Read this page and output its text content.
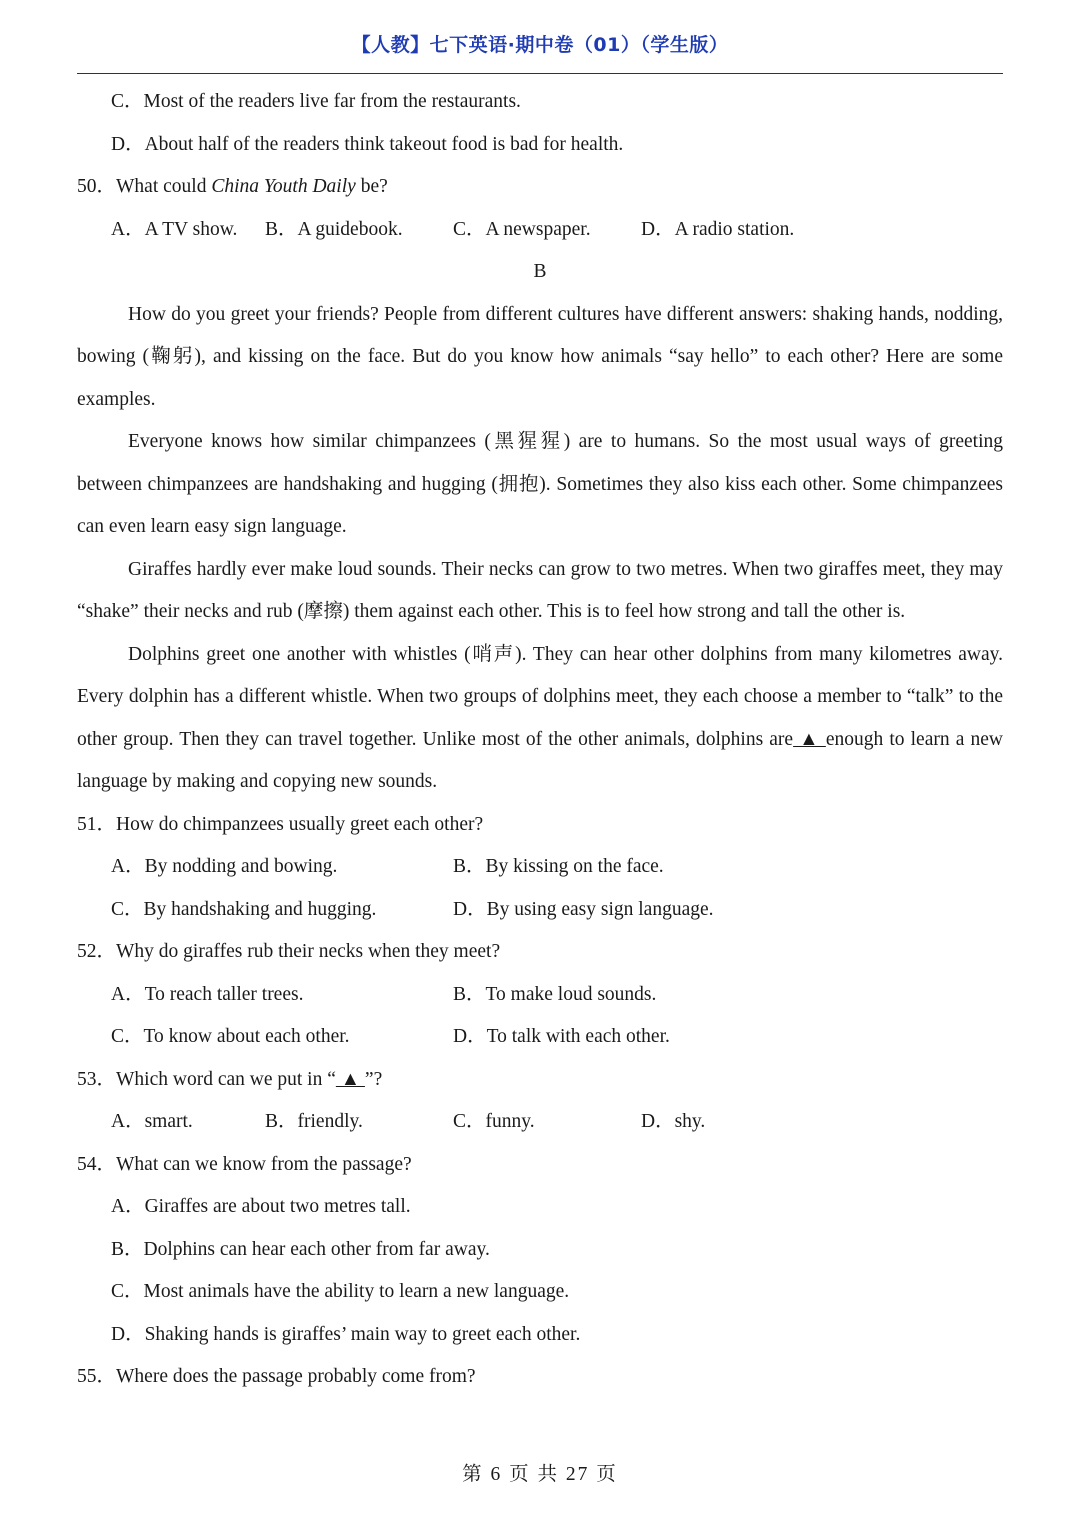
【人教】七下英语·期中卷（01）（学生版）
C．Most of the readers live far from the restaurants.
D．About half of the readers think takeout food is bad for health.
50．What could China Youth Daily be?
A．A TV show. B．A guidebook.	C．A newspaper.	D．A radio station.
B
How do you greet your friends? People from different cultures have different answers: shaking hands, nodding, bowing (鞠躬), and kissing on the face. But do you know how animals “say hello” to each other? Here are some examples.
Everyone knows how similar chimpanzees (黑猩猩) are to humans. So the most usual ways of greeting between chimpanzees are handshaking and hugging (拥抱). Sometimes they also kiss each other. Some chimpanzees can even learn easy sign language.
Giraffes hardly ever make loud sounds. Their necks can grow to two metres. When two giraffes meet, they may “shake” their necks and rub (摩擦) them against each other. This is to feel how strong and tall the other is.
Dolphins greet one another with whistles (哨声). They can hear other dolphins from many kilometres away. Every dolphin has a different whistle. When two groups of dolphins meet, they each choose a member to “talk” to the other group. Then they can travel together. Unlike most of the other animals, dolphins are ▲ enough to learn a new language by making and copying new sounds.
51．How do chimpanzees usually greet each other?
A．By nodding and bowing.	B．By kissing on the face.
C．By handshaking and hugging.	D．By using easy sign language.
52．Why do giraffes rub their necks when they meet?
A．To reach taller trees.	B．To make loud sounds.
C．To know about each other.	D．To talk with each other.
53．Which word can we put in “ ▲ ”?
A．smart.	B．friendly.	C．funny.	D．shy.
54．What can we know from the passage?
A．Giraffes are about two metres tall.
B．Dolphins can hear each other from far away.
C．Most animals have the ability to learn a new language.
D．Shaking hands is giraffes’ main way to greet each other.
55．Where does the passage probably come from?
第 6 页 共 27 页
